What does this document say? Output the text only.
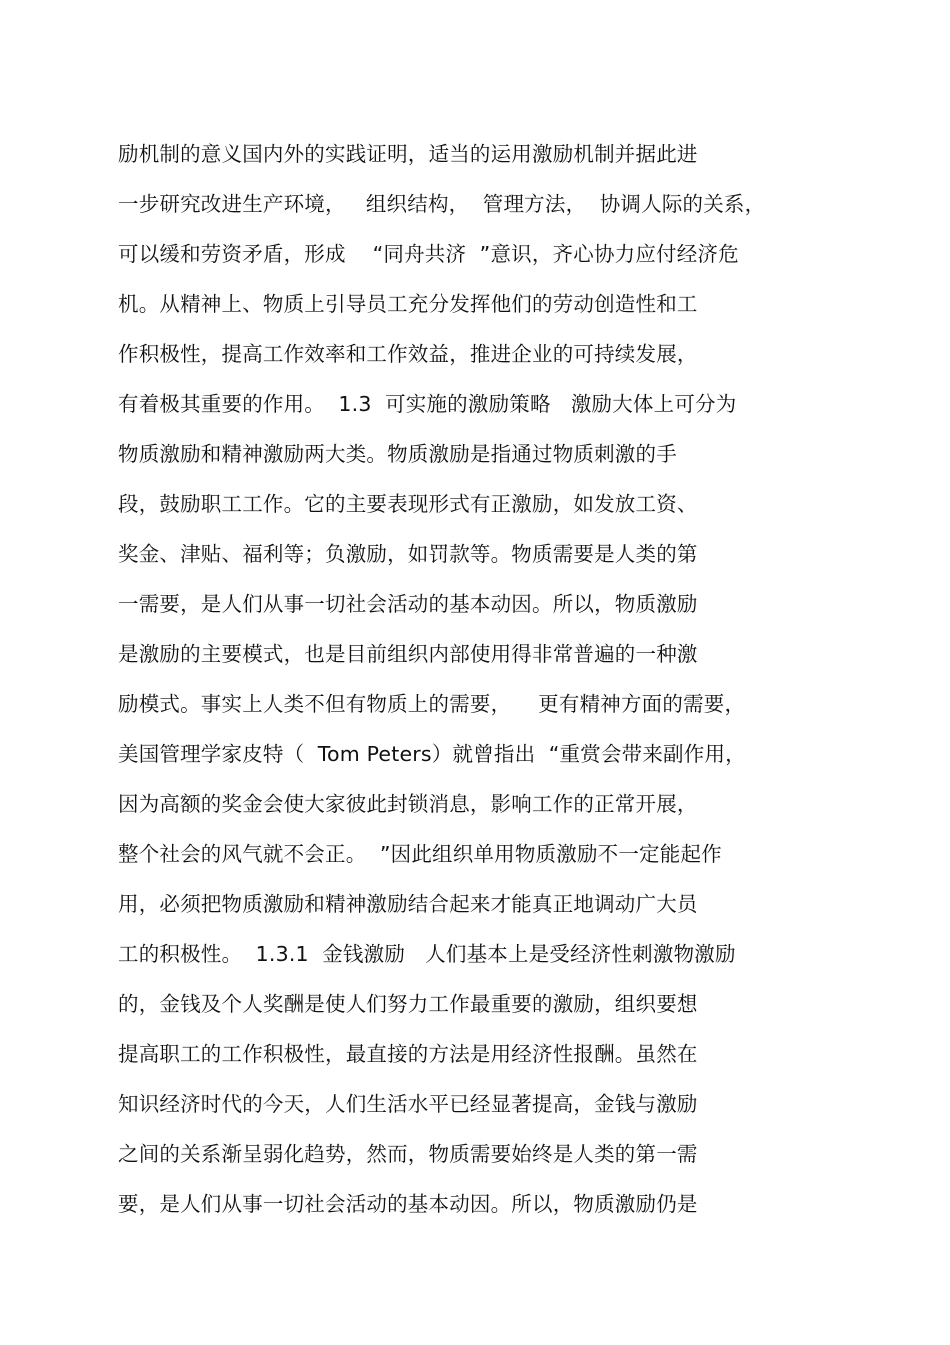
励机制的意义国内外的实践证明，适当的运用激励机制并据此进
一步研究改进生产环境，   组织结构，  管理方法，  协调人际的关系，
可以缓和劳资矛盾，形成    “同舟共济  ”意识，齐心协力应付经济危
机。从精神上、物质上引导员工充分发挥他们的劳动创造性和工
作积极性，提高工作效率和工作效益，推进企业的可持续发展，
有着极其重要的作用。  1.3  可实施的激励策略   激励大体上可分为
物质激励和精神激励两大类。物质激励是指通过物质刺激的手
段，鼓励职工工作。它的主要表现形式有正激励，如发放工资、
奖金、津贴、福利等；负激励，如罚款等。物质需要是人类的第
一需要，是人们从事一切社会活动的基本动因。所以，物质激励
是激励的主要模式，也是目前组织内部使用得非常普遍的一种激
励模式。事实上人类不但有物质上的需要，    更有精神方面的需要，
美国管理学家皮特（  Tom Peters）就曾指出  “重赏会带来副作用，
因为高额的奖金会使大家彼此封锁消息，影响工作的正常开展，
整个社会的风气就不会正。  ”因此组织单用物质激励不一定能起作
用，必须把物质激励和精神激励结合起来才能真正地调动广大员
工的积极性。  1.3.1  金钱激励   人们基本上是受经济性刺激物激励
的，金钱及个人奖酬是使人们努力工作最重要的激励，组织要想
提高职工的工作积极性，最直接的方法是用经济性报酬。虽然在
知识经济时代的今天，人们生活水平已经显著提高，金钱与激励
之间的关系渐呈弱化趋势，然而，物质需要始终是人类的第一需
要，是人们从事一切社会活动的基本动因。所以，物质激励仍是
